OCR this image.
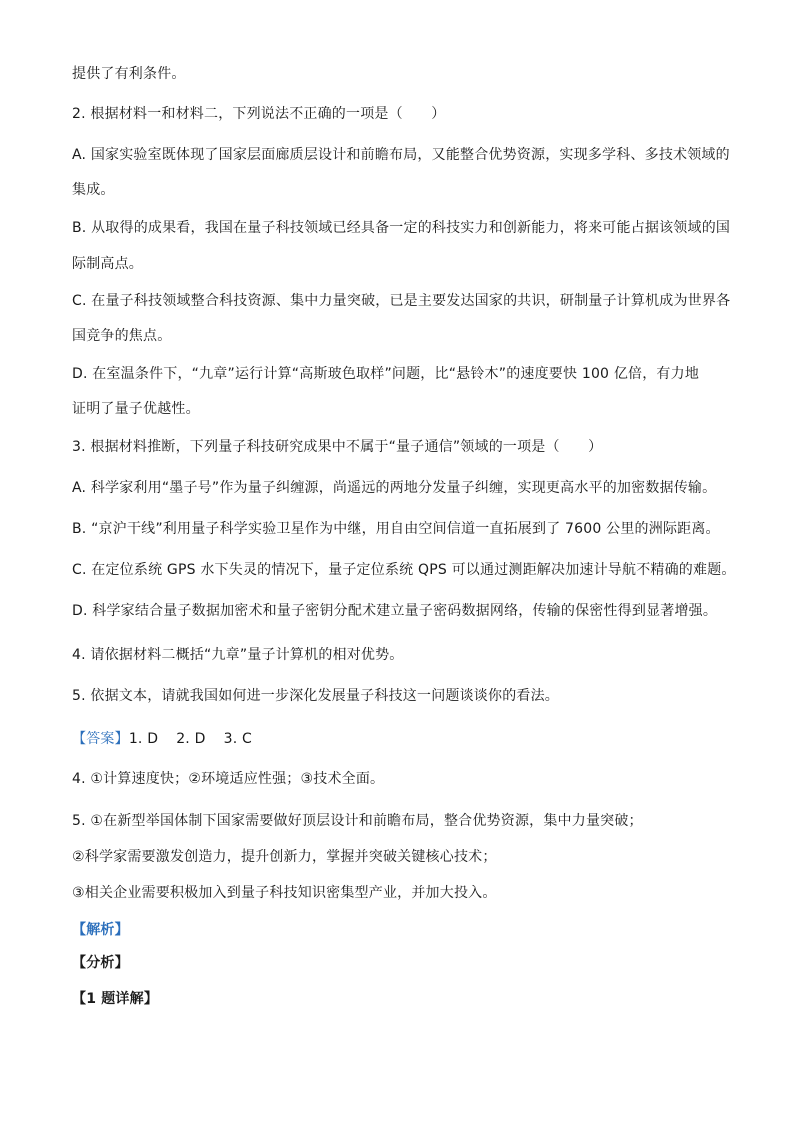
提供了有利条件。
2. 根据材料一和材料二，下列说法不正确的一项是（　　）
A. 国家实验室既体现了国家层面廊质层设计和前瞻布局，又能整合优势资源，实现多学科、多技术领域的
集成。
B. 从取得的成果看，我国在量子科技领域已经具备一定的科技实力和创新能力，将来可能占据该领域的国
际制高点。
C. 在量子科技领域整合科技资源、集中力量突破，已是主要发达国家的共识，研制量子计算机成为世界各
国竞争的焦点。
D. 在室温条件下，“九章”运行计算“高斯玻色取样”问题，比“悬铃木”的速度要快 100 亿倍，有力地
证明了量子优越性。
3. 根据材料推断，下列量子科技研究成果中不属于“量子通信”领域的一项是（　　）
A. 科学家利用“墨子号”作为量子纠缠源，尚遥远的两地分发量子纠缠，实现更高水平的加密数据传输。
B. “京沪干线”利用量子科学实验卫星作为中继，用自由空间信道一直拓展到了 7600 公里的洲际距离。
C. 在定位系统 GPS 水下失灵的情况下，量子定位系统 QPS 可以通过测距解决加速计导航不精确的难题。
D. 科学家结合量子数据加密术和量子密钥分配术建立量子密码数据网络，传输的保密性得到显著增强。
4. 请依据材料二概括“九章”量子计算机的相对优势。
5. 依据文本，请就我国如何进一步深化发展量子科技这一问题谈谈你的看法。
【答案】1. D 2. D 3. C
4. ①计算速度快；②环境适应性强；③技术全面。
5. ①在新型举国体制下国家需要做好顶层设计和前瞻布局，整合优势资源，集中力量突破；
②科学家需要激发创造力，提升创新力，掌握并突破关键核心技术；
③相关企业需要积极加入到量子科技知识密集型产业，并加大投入。
【解析】
【分析】
【1 题详解】
